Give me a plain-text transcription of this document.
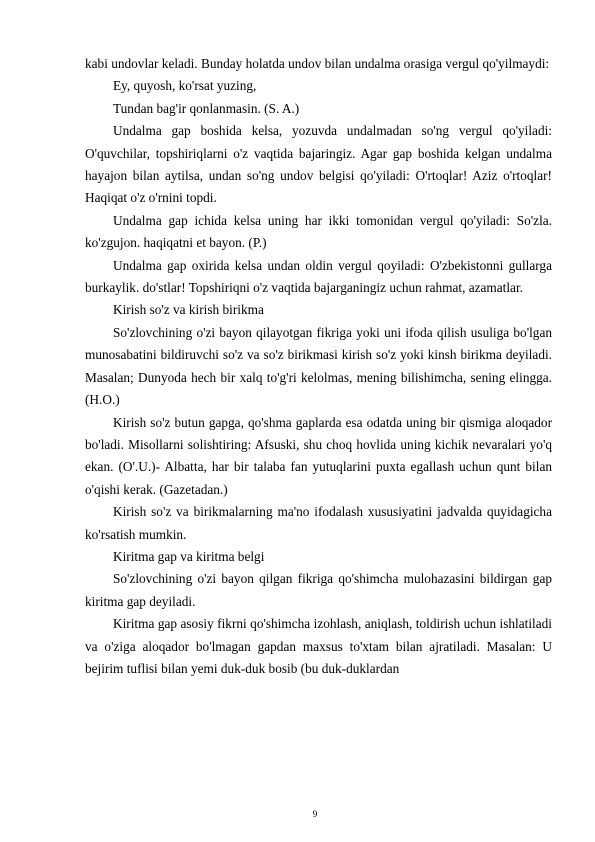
kabi undovlar keladi. Bunday holatda undov bilan undalma orasiga vergul qo'yilmaydi:

Ey, quyosh, ko'rsat yuzing,

Tundan bag'ir qonlanmasin. (S. A.)

Undalma gap boshida kelsa, yozuvda undalmadan so'ng vergul qo'yiladi: O'quvchilar, topshiriqlarni o'z vaqtida bajaringiz. Agar gap boshida kelgan undalma hayajon bilan aytilsa, undan so'ng undov belgisi qo'yiladi: O'rtoqlar! Aziz o'rtoqlar! Haqiqat o'z o'rnini topdi.

Undalma gap ichida kelsa uning har ikki tomonidan vergul qo'yiladi: So'zla. ko'zgujon. haqiqatni et bayon. (P.)

Undalma gap oxirida kelsa undan oldin vergul qoyiladi: O'zbekistonni gullarga burkaylik. do'stlar! Topshiriqni o'z vaqtida bajarganingiz uchun rahmat, azamatlar.

Kirish so'z va kirish birikma

So'zlovchining o'zi bayon qilayotgan fikriga yoki uni ifoda qilish usuliga bo'lgan munosabatini bildiruvchi so'z va so'z birikmasi kirish so'z yoki kinsh birikma deyiladi. Masalan; Dunyoda hech bir xalq to'g'ri kelolmas, mening bilishimcha, sening elingga. (H.O.)

Kirish so'z butun gapga, qo'shma gaplarda esa odatda uning bir qismiga aloqador bo'ladi. Misollarni solishtiring: Afsuski, shu choq hovlida uning kichik nevaralari yo'q ekan. (O'.U.)- Albatta, har bir talaba fan yutuqlarini puxta egallash uchun qunt bilan o'qishi kerak. (Gazetadan.)

Kirish so'z va birikmalarning ma'no ifodalash xususiyatini jadvalda quyidagicha ko'rsatish mumkin.

Kiritma gap va kiritma belgi

So'zlovchining o'zi bayon qilgan fikriga qo'shimcha mulohazasini bildirgan gap kiritma gap deyiladi.

Kiritma gap asosiy fikrni qo'shimcha izohlash, aniqlash, toldirish uchun ishlatiladi va o'ziga aloqador bo'lmagan gapdan maxsus to'xtam bilan ajratiladi. Masalan: U bejirim tuflisi bilan yemi duk-duk bosib (bu duk-duklardan

9
